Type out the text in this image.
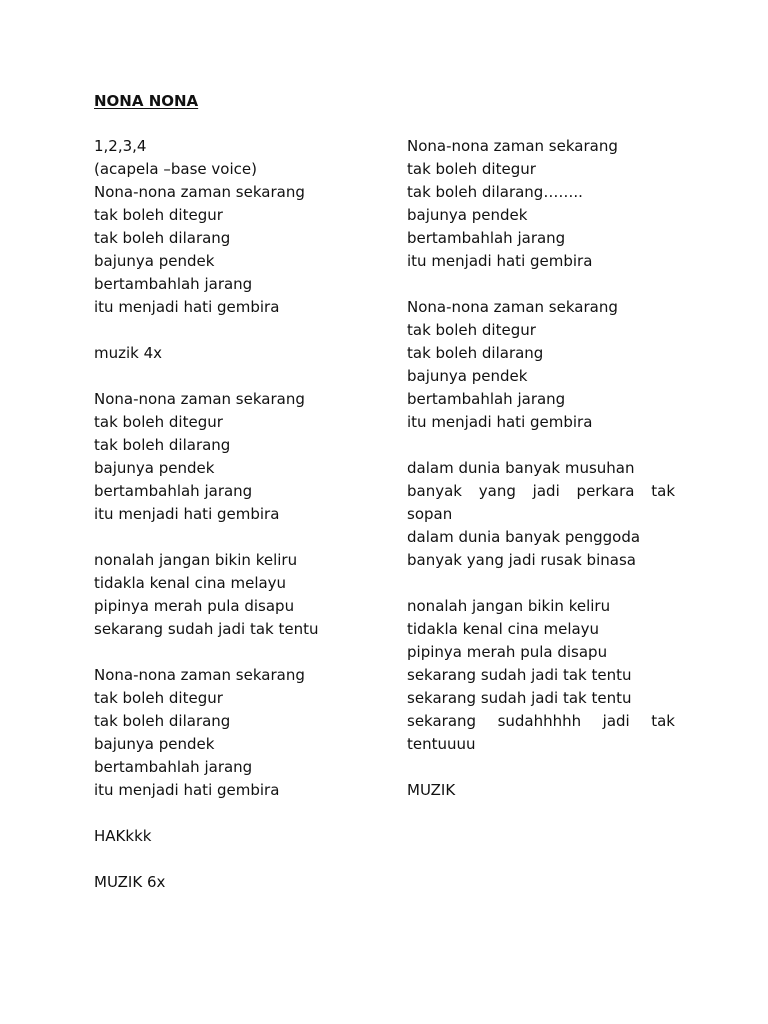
NONA NONA
1,2,3,4
(acapela –base voice)
Nona-nona zaman sekarang
tak boleh ditegur
tak boleh dilarang
bajunya pendek
bertambahlah jarang
itu menjadi hati gembira
muzik 4x
Nona-nona zaman sekarang
tak boleh ditegur
tak boleh dilarang
bajunya pendek
bertambahlah jarang
itu menjadi hati gembira
nonalah jangan bikin keliru
tidakla kenal cina melayu
pipinya merah pula disapu
sekarang sudah jadi tak tentu
Nona-nona zaman sekarang
tak boleh ditegur
tak boleh dilarang
bajunya pendek
bertambahlah jarang
itu menjadi hati gembira
HAKkkk
MUZIK 6x
Nona-nona zaman sekarang
tak boleh ditegur
tak boleh dilarang……..
bajunya pendek
bertambahlah jarang
itu menjadi hati gembira
Nona-nona zaman sekarang
tak boleh ditegur
tak boleh dilarang
bajunya pendek
bertambahlah jarang
itu menjadi hati gembira
dalam dunia banyak musuhan
banyak yang jadi perkara tak
sopan
dalam dunia banyak penggoda
banyak yang jadi rusak binasa
nonalah jangan bikin keliru
tidakla kenal cina melayu
pipinya merah pula disapu
sekarang sudah jadi tak tentu
sekarang sudah jadi tak tentu
sekarang sudahhhhh jadi tak
tentuuuu
MUZIK
